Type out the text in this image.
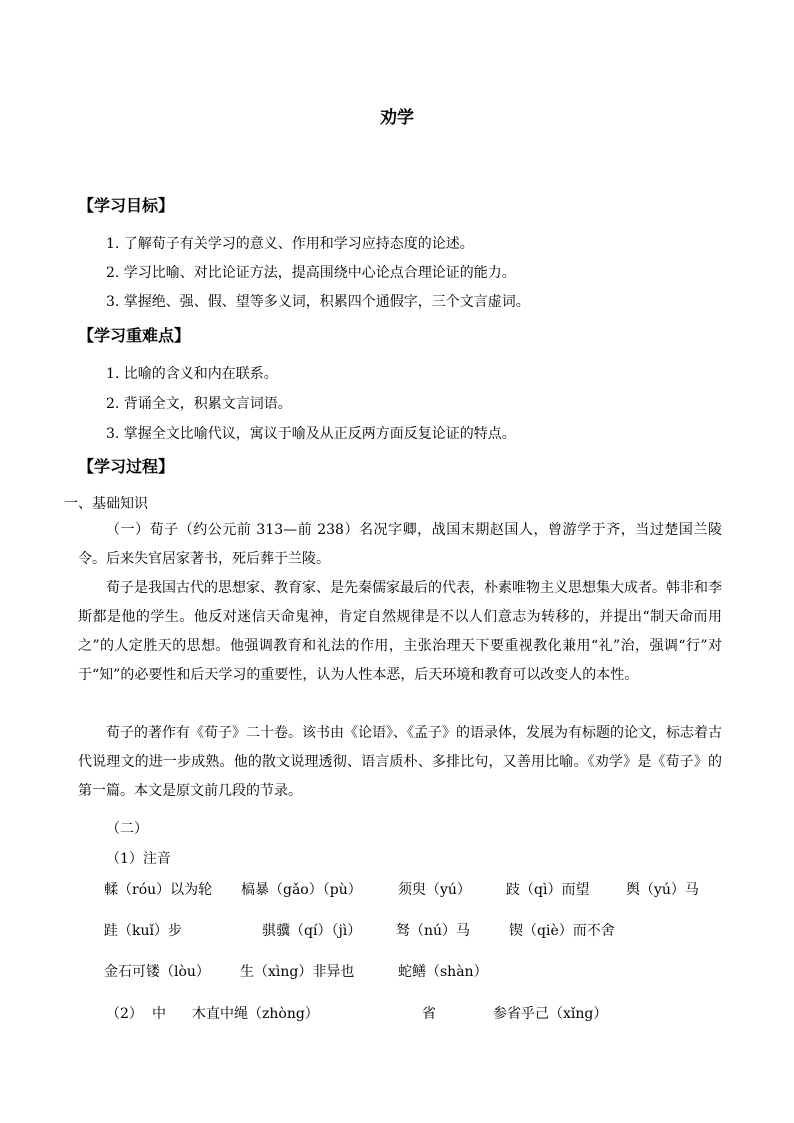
劝学
【学习目标】
1. 了解荀子有关学习的意义、作用和学习应持态度的论述。
2. 学习比喻、对比论证方法，提高围绕中心论点合理论证的能力。
3. 掌握绝、强、假、望等多义词，积累四个通假字，三个文言虚词。
【学习重难点】
1. 比喻的含义和内在联系。
2. 背诵全文，积累文言词语。
3. 掌握全文比喻代议，寓议于喻及从正反两方面反复论证的特点。
【学习过程】
一、基础知识
（一）荀子（约公元前 313—前 238）名况字卿，战国末期赵国人，曾游学于齐，当过楚国兰陵令。后来失官居家著书，死后葬于兰陵。
荀子是我国古代的思想家、教育家、是先秦儒家最后的代表，朴素唯物主义思想集大成者。韩非和李斯都是他的学生。他反对迷信天命鬼神，肯定自然规律是不以人们意志为转移的，并提出“制天命而用之”的人定胜天的思想。他强调教育和礼法的作用，主张治理天下要重视教化兼用“礼”治，强调“行”对于“知”的必要性和后天学习的重要性，认为人性本恶，后天环境和教育可以改变人的本性。
荀子的著作有《荀子》二十卷。该书由《论语》、《孟子》的语录体，发展为有标题的论文，标志着古代说理文的进一步成熟。他的散文说理透彻、语言质朴、多排比句，又善用比喻。《劝学》是《荀子》的第一篇。本文是原文前几段的节录。
（二）
（1）注音
輮（róu）以为轮 槁暴（gǎo）（pù）	须臾（yú）	跂（qì）而望	舆（yú）马
跬（kuǐ）步	骐骥（qí）（jì） 驽（nú）马	锲（qiè）而不舍
金石可镂（lòu） 生（xìng）非异也	蛇鳝（shàn）
（2） 中 木直中绳（zhòng）	省	参省乎己（xǐng）
